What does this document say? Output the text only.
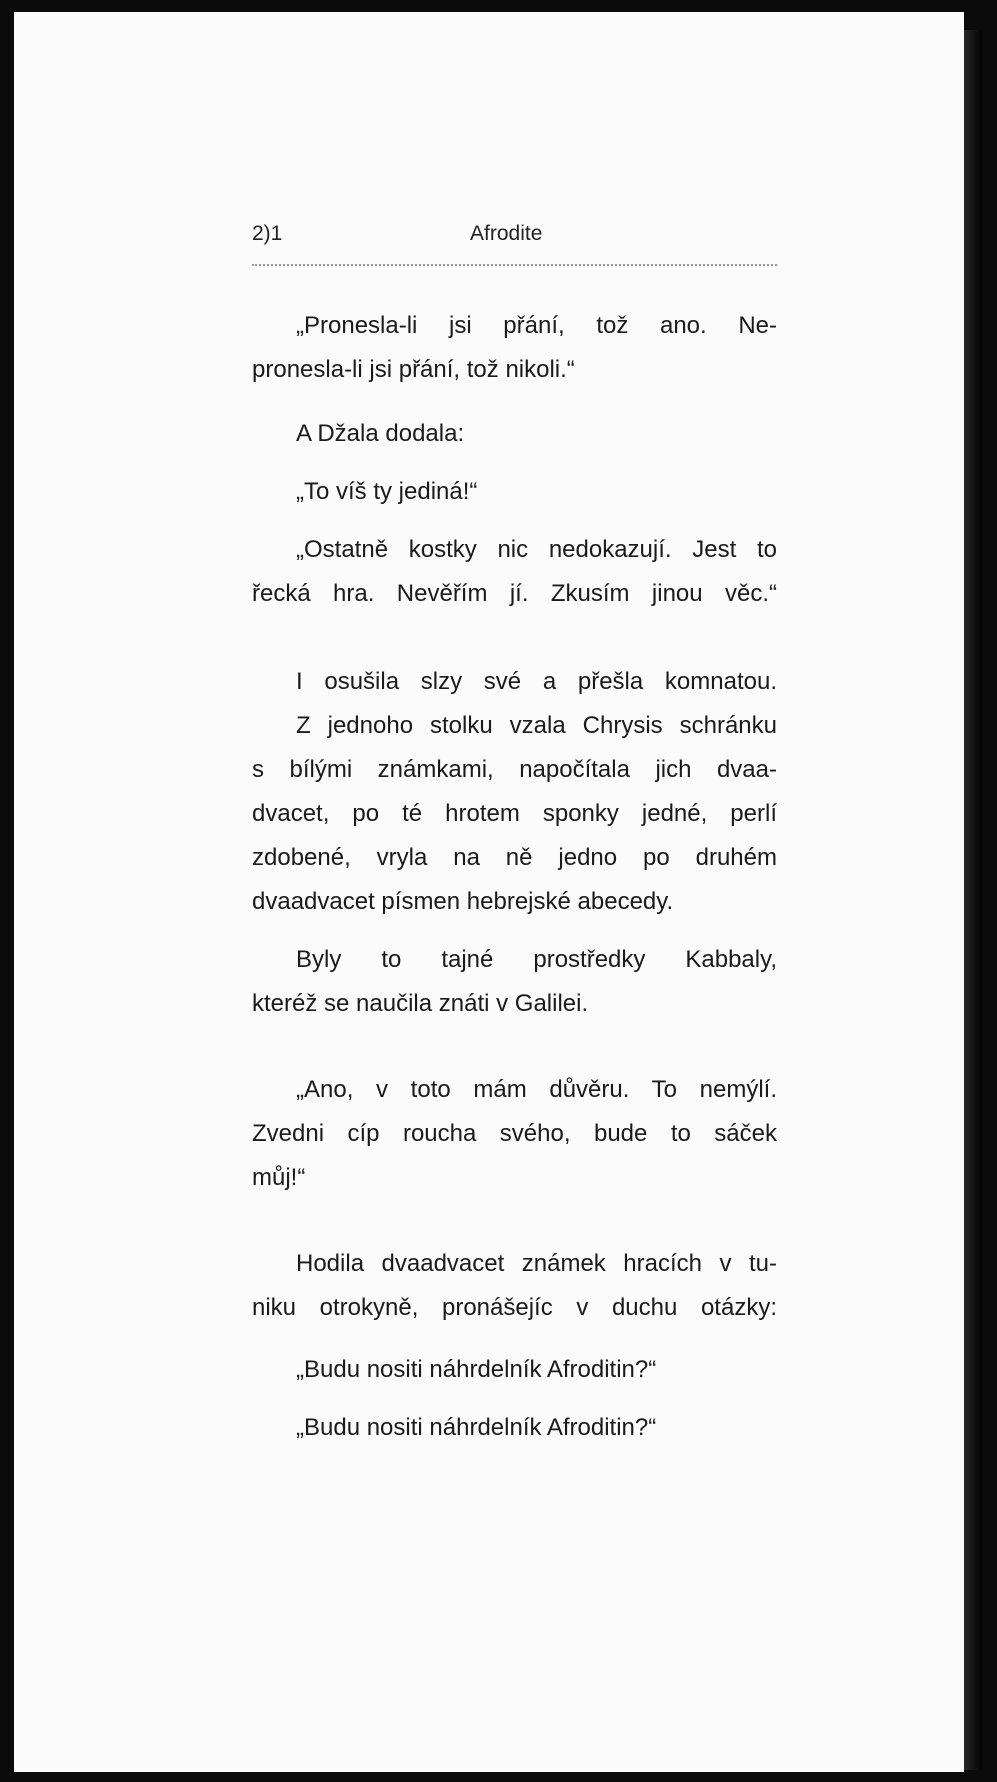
2)1	Afrodite
„Pronesla-li jsi přání, tož ano. Ne-
pronesla-li jsi přání, tož nikoli.“
A Džala dodala:
„To víš ty jediná!“
„Ostatně kostky nic nedokazují. Jest to
řecká hra. Nevěřím jí. Zkusím jinou věc.“
I osušila slzy své a přešla komnatou.
Z jednoho stolku vzala Chrysis schránku
s bílými známkami, napočítala jich dvaa-
dvacet, po té hrotem sponky jedné, perlí
zdobené, vryla na ně jedno po druhém
dvaadvacet písmen hebrejské abecedy.
Byly to tajné prostředky Kabbaly,
kteréž se naučila znáti v Galilei.
„Ano, v toto mám důvěru. To nemýlí.
Zvedni cíp roucha svého, bude to sáček
můj!“
Hodila dvaadvacet známek hracích v tu-
niku otrokyně, pronášejíc v duchu otázky:
„Budu nositi náhrdelník Afroditin?“
„Budu nositi náhrdelník Afroditin?“
